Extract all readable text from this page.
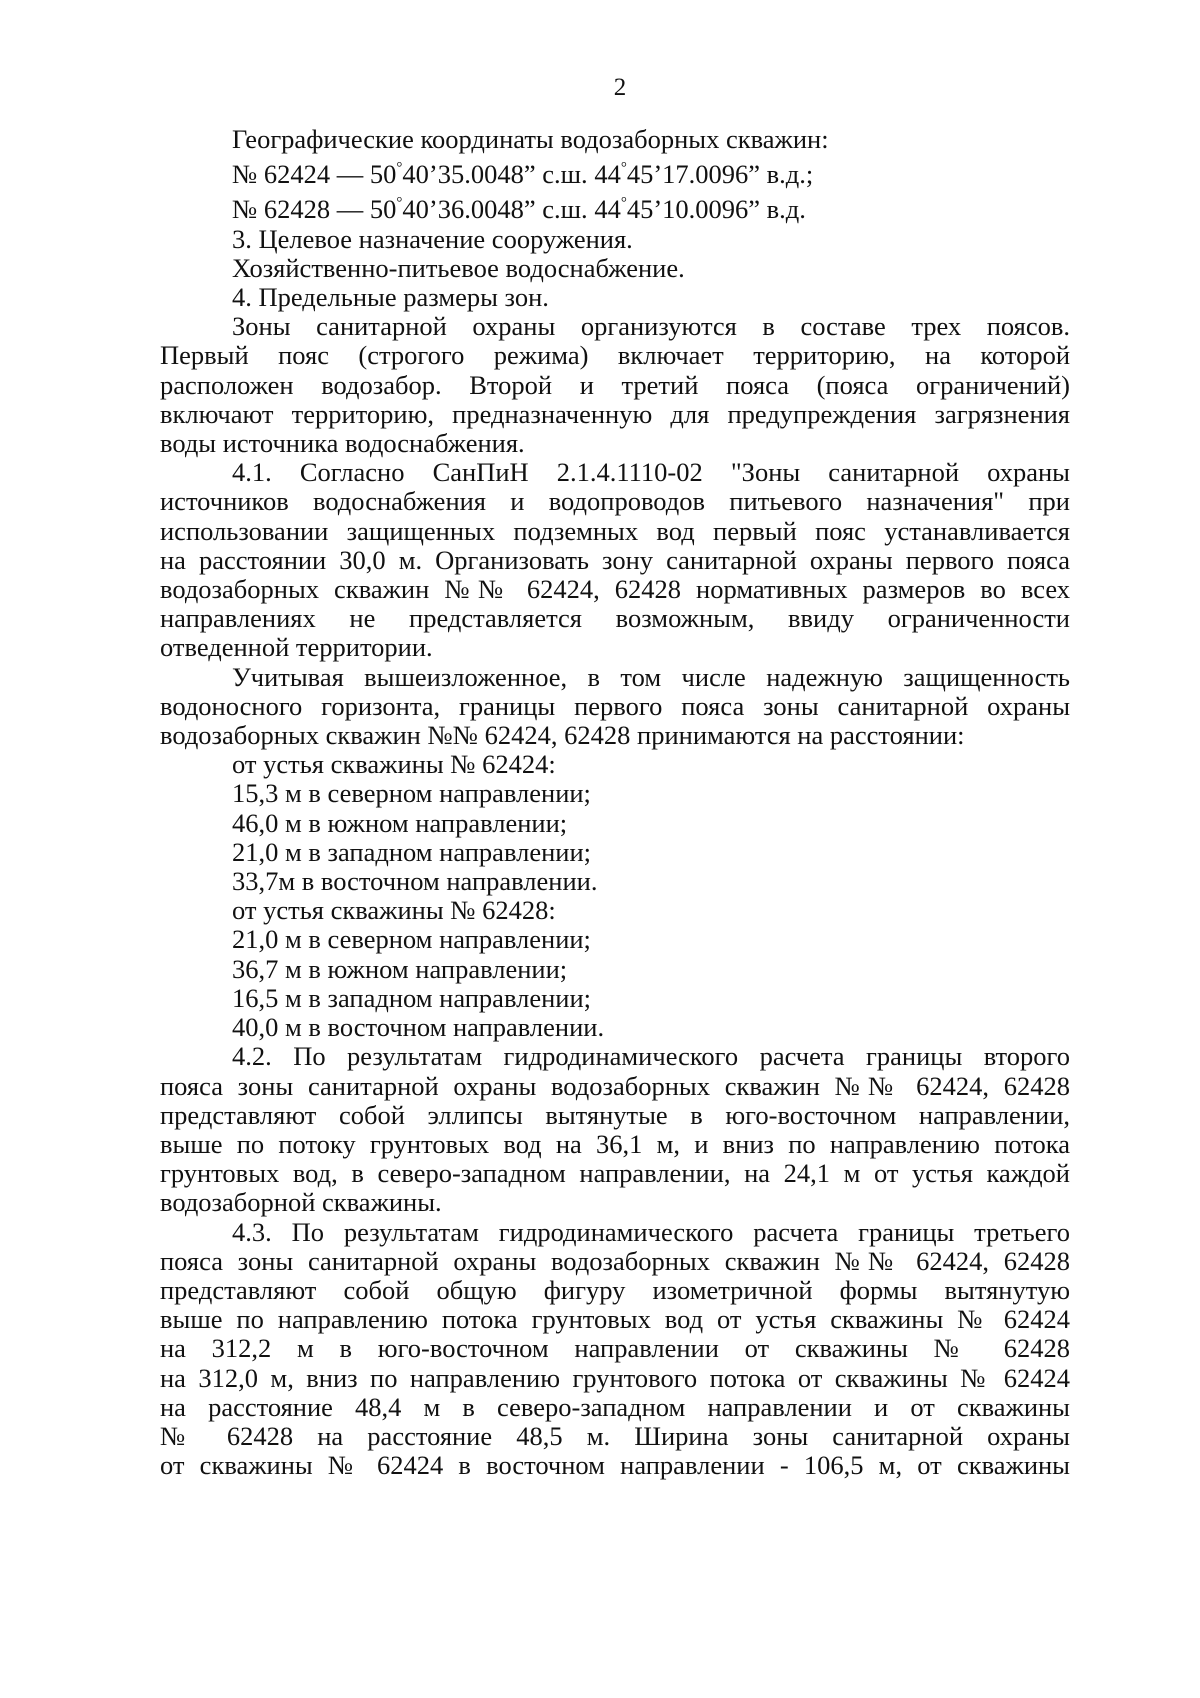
2

Географические координаты водозаборных скважин:

№ 62424 — 50°40’35.0048” с.ш. 44°45’17.0096” в.д.;

№ 62428 — 50°40’36.0048” с.ш. 44°45’10.0096” в.д.

3. Целевое назначение сооружения.

Хозяйственно-питьевое водоснабжение.

4. Предельные размеры зон.

Зоны санитарной охраны организуются в составе трех поясов.

Первый пояс (строгого режима) включает территорию, на которой

расположен водозабор. Второй и третий пояса (пояса ограничений)

включают территорию, предназначенную для предупреждения загрязнения

воды источника водоснабжения.

4.1. Согласно СанПиН 2.1.4.1110-02 "Зоны санитарной охраны

источников водоснабжения и водопроводов питьевого назначения" при

использовании защищенных подземных вод первый пояс устанавливается

на расстоянии 30,0 м. Организовать зону санитарной охраны первого пояса

водозаборных скважин №№ 62424, 62428 нормативных размеров во всех

направлениях не представляется возможным, ввиду ограниченности

отведенной территории.

Учитывая вышеизложенное, в том числе надежную защищенность

водоносного горизонта, границы первого пояса зоны санитарной охраны

водозаборных скважин №№ 62424, 62428 принимаются на расстоянии:

от устья скважины № 62424:

15,3 м в северном направлении;

46,0 м в южном направлении;

21,0 м в западном направлении;

33,7м в восточном направлении.

от устья скважины № 62428:

21,0 м в северном направлении;

36,7 м в южном направлении;

16,5 м в западном направлении;

40,0 м в восточном направлении.

4.2. По результатам гидродинамического расчета границы второго

пояса зоны санитарной охраны водозаборных скважин №№ 62424, 62428

представляют собой эллипсы вытянутые в юго-восточном направлении,

выше по потоку грунтовых вод на 36,1 м, и вниз по направлению потока

грунтовых вод, в северо-западном направлении, на 24,1 м от устья каждой

водозаборной скважины.

4.3. По результатам гидродинамического расчета границы третьего

пояса зоны санитарной охраны водозаборных скважин №№ 62424, 62428

представляют собой общую фигуру изометричной формы вытянутую

выше по направлению потока грунтовых вод от устья скважины № 62424

на 312,2 м в юго-восточном направлении от скважины № 62428

на 312,0 м, вниз по направлению грунтового потока от скважины № 62424

на расстояние 48,4 м в северо-западном направлении и от скважины

№ 62428 на расстояние 48,5 м. Ширина зоны санитарной охраны

от скважины № 62424 в восточном направлении - 106,5 м, от скважины
